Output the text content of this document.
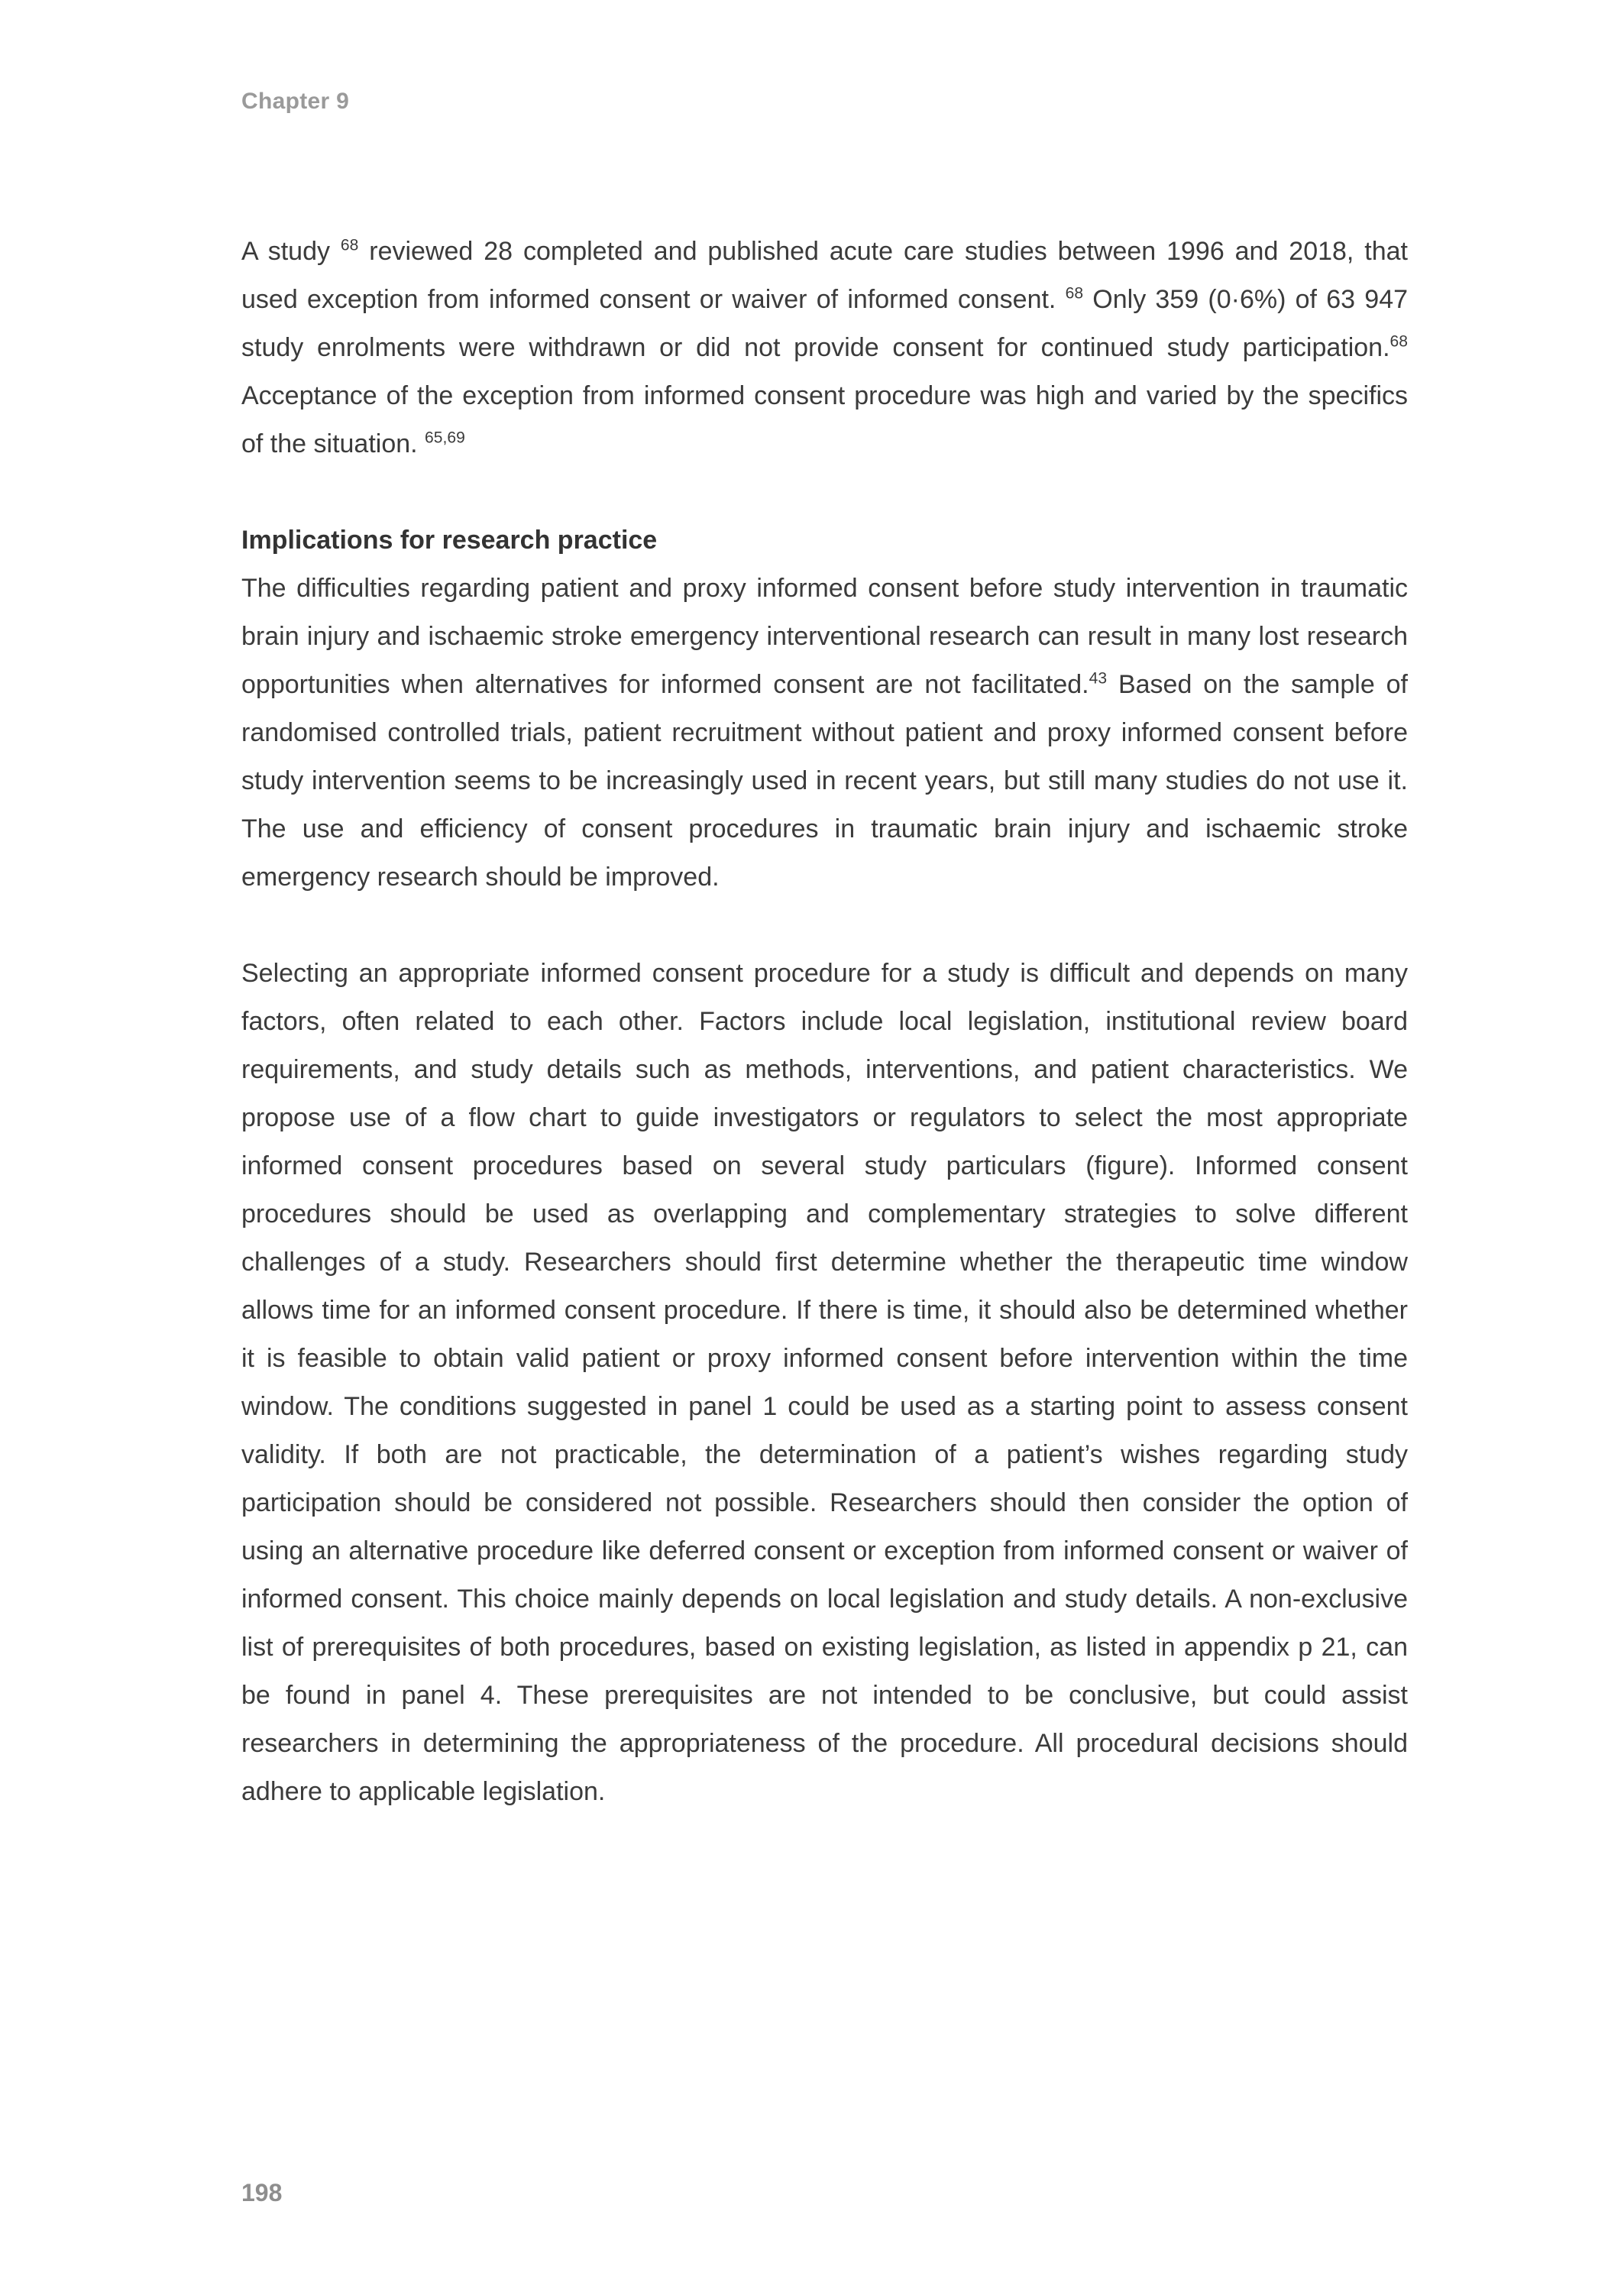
Chapter 9

A study $^{68}$ reviewed 28 completed and published acute care studies between 1996 and 2018, that used exception from informed consent or waiver of informed consent. $^{68}$ Only 359 (0·6%) of 63 947 study enrolments were withdrawn or did not provide consent for continued study participation.$^{68}$ Acceptance of the exception from informed consent procedure was high and varied by the specifics of the situation. $^{65,69}$

Implications for research practice

The difficulties regarding patient and proxy informed consent before study intervention in traumatic brain injury and ischaemic stroke emergency interventional research can result in many lost research opportunities when alternatives for informed consent are not facilitated.$^{43}$ Based on the sample of randomised controlled trials, patient recruitment without patient and proxy informed consent before study intervention seems to be increasingly used in recent years, but still many studies do not use it. The use and efficiency of consent procedures in traumatic brain injury and ischaemic stroke emergency research should be improved.

Selecting an appropriate informed consent procedure for a study is difficult and depends on many factors, often related to each other. Factors include local legislation, institutional review board requirements, and study details such as methods, interventions, and patient characteristics. We propose use of a flow chart to guide investigators or regulators to select the most appropriate informed consent procedures based on several study particulars (figure). Informed consent procedures should be used as overlapping and complementary strategies to solve different challenges of a study. Researchers should first determine whether the therapeutic time window allows time for an informed consent procedure. If there is time, it should also be determined whether it is feasible to obtain valid patient or proxy informed consent before intervention within the time window. The conditions suggested in panel 1 could be used as a starting point to assess consent validity. If both are not practicable, the determination of a patient’s wishes regarding study participation should be considered not possible. Researchers should then consider the option of using an alternative procedure like deferred consent or exception from informed consent or waiver of informed consent. This choice mainly depends on local legislation and study details. A non-exclusive list of prerequisites of both procedures, based on existing legislation, as listed in appendix p 21, can be found in panel 4. These prerequisites are not intended to be conclusive, but could assist researchers in determining the appropriateness of the procedure. All procedural decisions should adhere to applicable legislation.

198
